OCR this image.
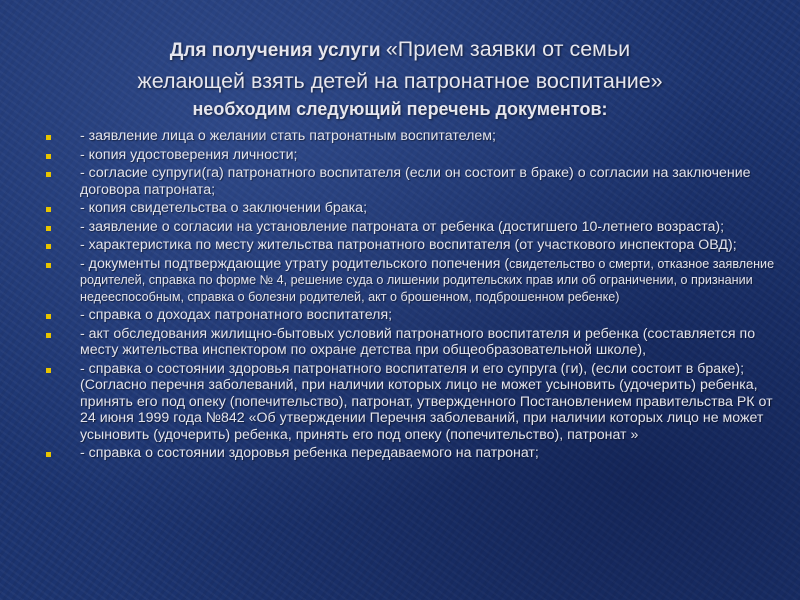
Для получения услуги «Прием заявки от семьи
желающей взять детей на патронатное воспитание»
необходим следующий перечень документов:
- заявление лица о желании стать патронатным воспитателем;
- копия удостоверения личности;
- согласие супруги(га) патронатного воспитателя (если он состоит в браке) о согласии на заключение договора патроната;
- копия свидетельства о заключении брака;
- заявление о согласии на установление патроната от ребенка (достигшего 10-летнего возраста);
- характеристика по месту жительства патронатного воспитателя (от участкового инспектора ОВД);
- документы подтверждающие утрату родительского попечения (свидетельство о смерти, отказное заявление родителей, справка по форме № 4, решение суда о лишении родительских прав или об ограничении, о признании недееспособным, справка о болезни родителей, акт о брошенном, подброшенном ребенке)
- справка о доходах патронатного воспитателя;
- акт обследования жилищно-бытовых условий патронатного воспитателя и ребенка (составляется по месту жительства инспектором по охране детства при общеобразовательной школе),
- справка о состоянии здоровья патронатного воспитателя и его супруга (ги), (если состоит в браке); (Согласно перечня заболеваний, при наличии которых лицо не может усыновить (удочерить) ребенка, принять его под опеку (попечительство), патронат, утвержденного Постановлением правительства РК от 24 июня 1999 года №842 «Об утверждении Перечня заболеваний, при наличии которых лицо не может усыновить (удочерить) ребенка, принять его под опеку (попечительство), патронат »
- справка о состоянии здоровья ребенка передаваемого на патронат;
